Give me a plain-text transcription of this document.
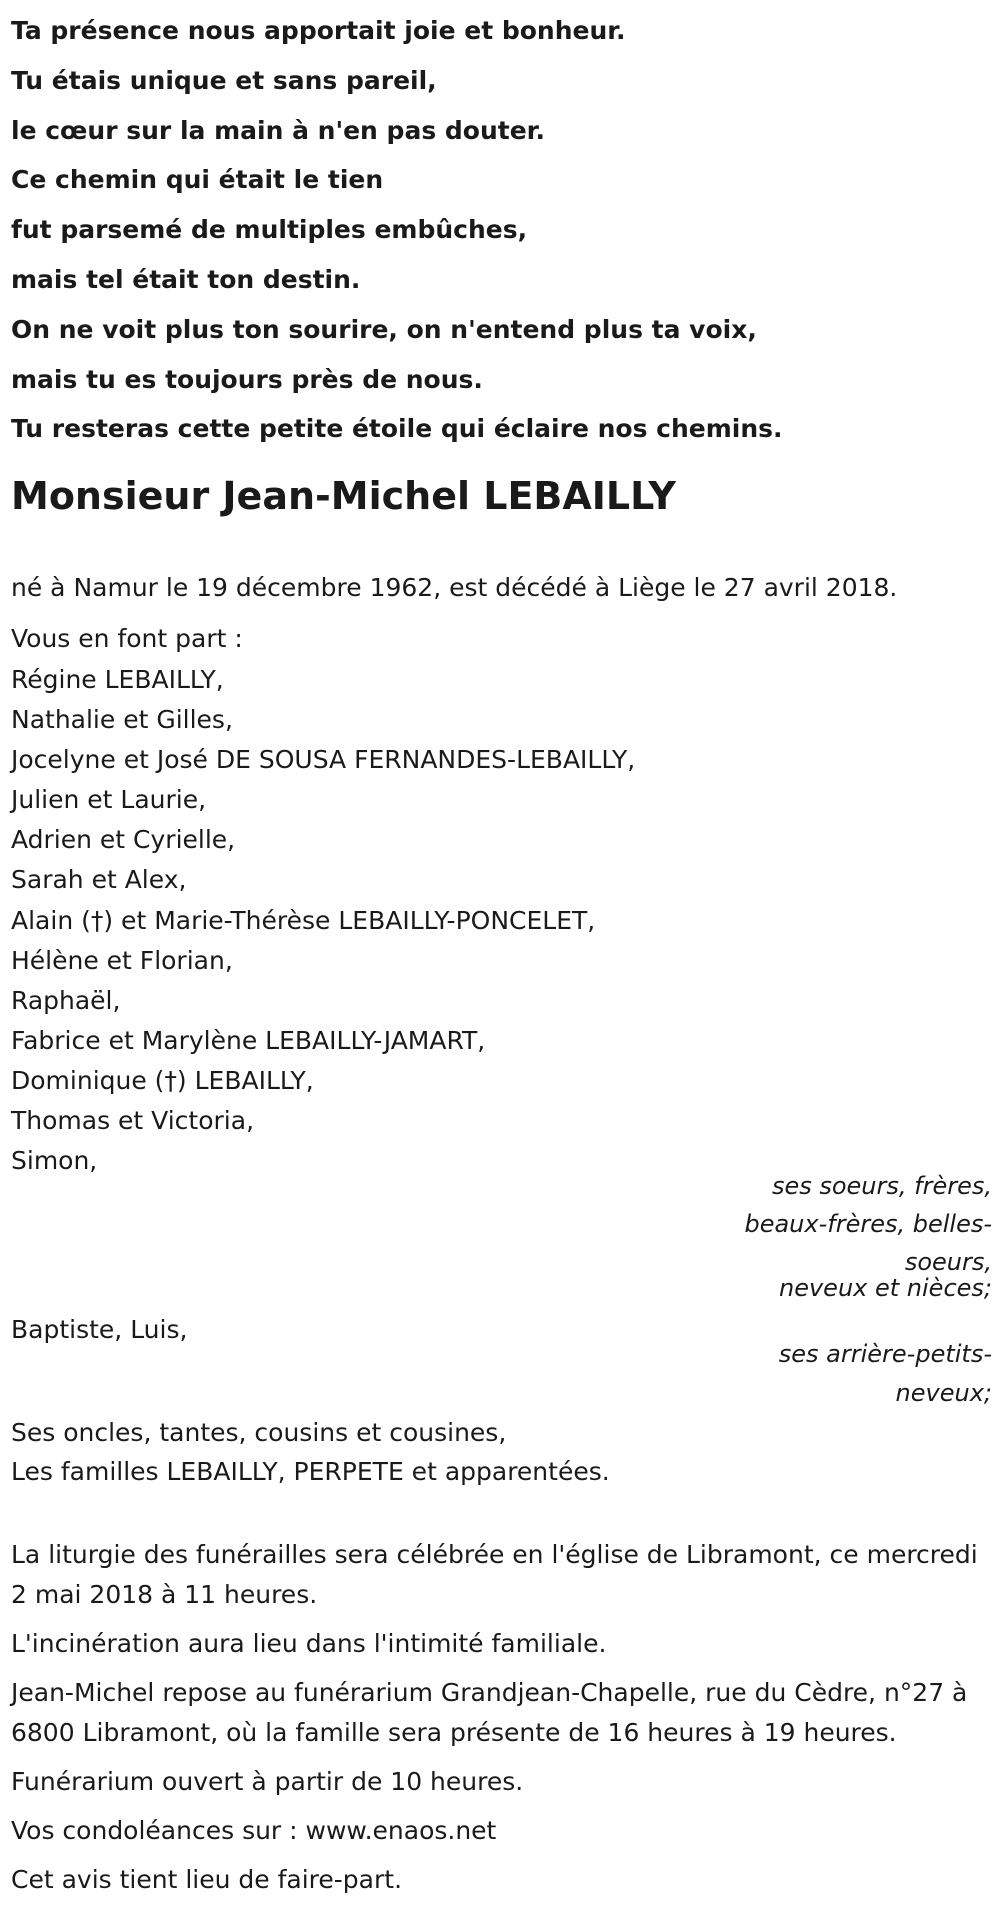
Ta présence nous apportait joie et bonheur.

Tu étais unique et sans pareil,

le cœur sur la main à n'en pas douter.

Ce chemin qui était le tien

fut parsemé de multiples embûches,

mais tel était ton destin.

On ne voit plus ton sourire, on n'entend plus ta voix,

mais tu es toujours près de nous.

Tu resteras cette petite étoile qui éclaire nos chemins.

Monsieur Jean-Michel LEBAILLY

né à Namur le 19 décembre 1962, est décédé à Liège le 27 avril 2018.

Vous en font part :

Régine LEBAILLY,

Nathalie et Gilles,

Jocelyne et José DE SOUSA FERNANDES-LEBAILLY,

Julien et Laurie,

Adrien et Cyrielle,

Sarah et Alex,

Alain (†) et Marie-Thérèse LEBAILLY-PONCELET,

Hélène et Florian,

Raphaël,

Fabrice et Marylène LEBAILLY-JAMART,

Dominique (†) LEBAILLY,

Thomas et Victoria,

Simon,

ses soeurs, frères,

beaux-frères, belles-

soeurs,

neveux et nièces;

Baptiste, Luis,

ses arrière-petits-

neveux;

Ses oncles, tantes, cousins et cousines,

Les familles LEBAILLY, PERPETE et apparentées.

La liturgie des funérailles sera célébrée en l'église de Libramont, ce mercredi 2 mai 2018 à 11 heures.

L'incinération aura lieu dans l'intimité familiale.

Jean-Michel repose au funérarium Grandjean-Chapelle, rue du Cèdre, n°27 à 6800 Libramont, où la famille sera présente de 16 heures à 19 heures.

Funérarium ouvert à partir de 10 heures.

Vos condoléances sur : www.enaos.net

Cet avis tient lieu de faire-part.
